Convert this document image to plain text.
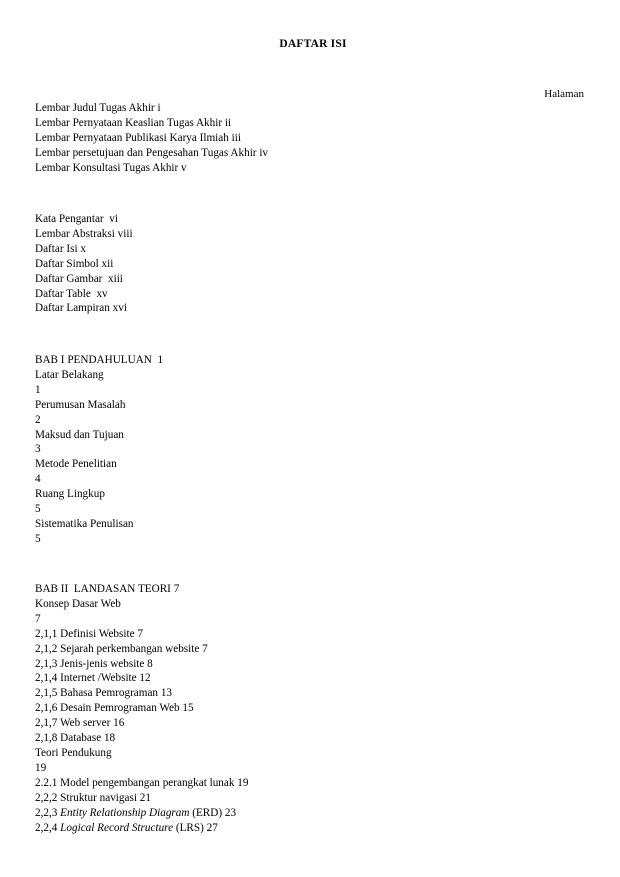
DAFTAR ISI
Halaman
Lembar Judul Tugas Akhir i
Lembar Pernyataan Keaslian Tugas Akhir ii
Lembar Pernyataan Publikasi Karya Ilmiah iii
Lembar persetujuan dan Pengesahan Tugas Akhir iv
Lembar Konsultasi Tugas Akhir v
Kata Pengantar  vi
Lembar Abstraksi viii
Daftar Isi x
Daftar Simbol xii
Daftar Gambar  xiii
Daftar Table  xv
Daftar Lampiran xvi
BAB I PENDAHULUAN  1
Latar Belakang
1
Perumusan Masalah
2
Maksud dan Tujuan
3
Metode Penelitian
4
Ruang Lingkup
5
Sistematika Penulisan
5
BAB II  LANDASAN TEORI 7
Konsep Dasar Web
7
2,1,1 Definisi Website 7
2,1,2 Sejarah perkembangan website 7
2,1,3 Jenis-jenis website 8
2,1,4 Internet /Website 12
2,1,5 Bahasa Pemrograman 13
2,1,6 Desain Pemrograman Web 15
2,1,7 Web server 16
2,1,8 Database 18
Teori Pendukung
19
2.2.1 Model pengembangan perangkat lunak 19
2,2,2 Struktur navigasi 21
2,2,3 Entity Relationship Diagram (ERD) 23
2,2,4 Logical Record Structure (LRS) 27
